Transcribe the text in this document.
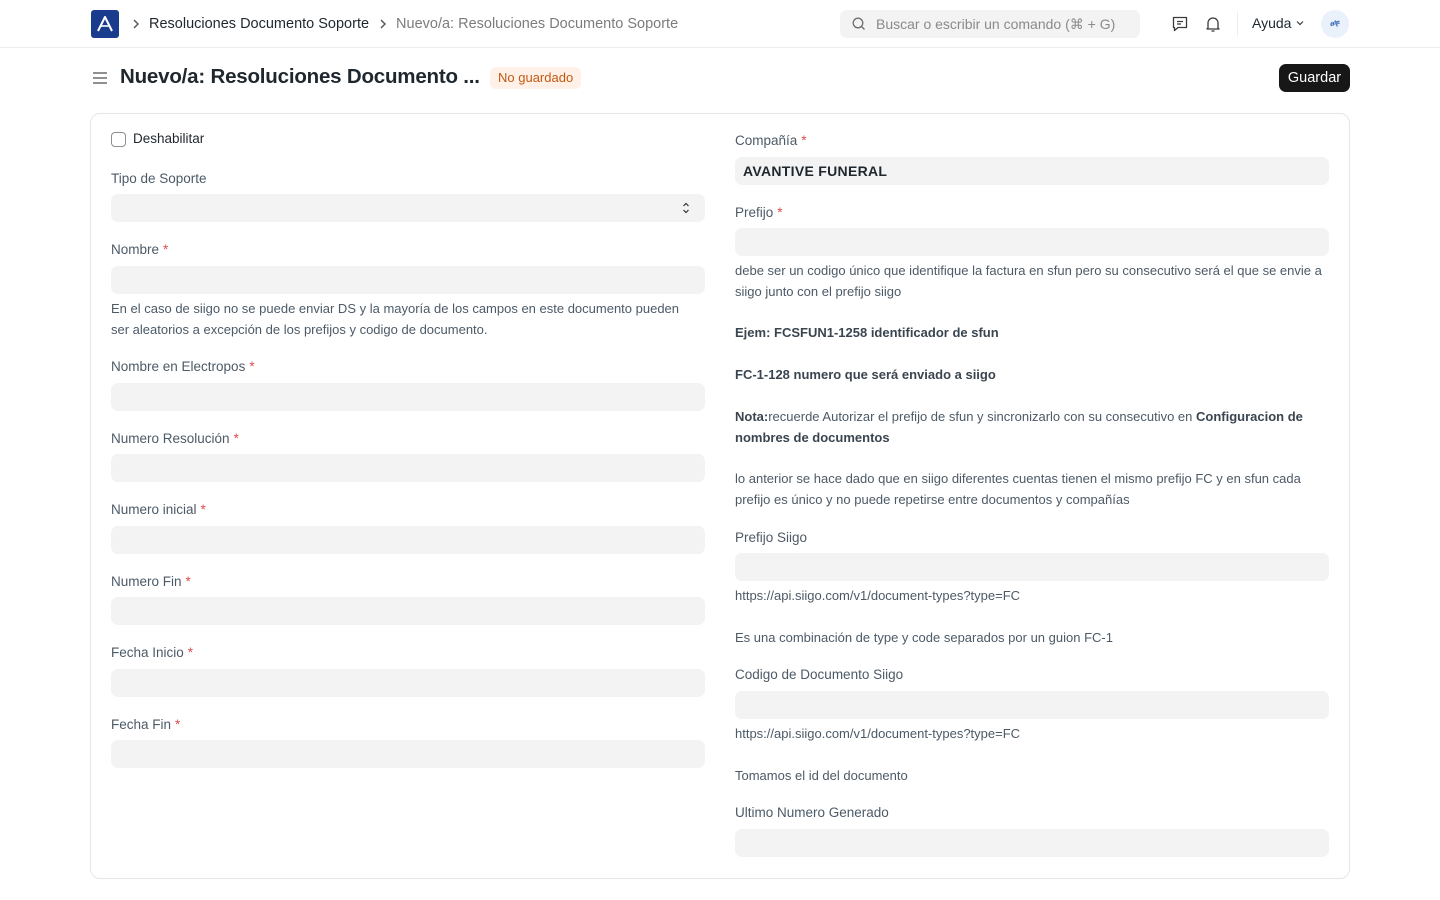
Resoluciones Documento Soporte Nuevo/a: Resoluciones Documento Soporte
Buscar o escribir un comando (⌘ + G)	Ayuda	ፀቸ
Nuevo/a: Resoluciones Documento ...	No guardado	Guardar
Deshabilitar
Tipo de Soporte
Nombre *
En el caso de siigo no se puede enviar DS y la mayoría de los campos en este documento pueden ser aleatorios a excepción de los prefijos y codigo de documento.
Nombre en Electropos *
Numero Resolución *
Numero inicial *
Numero Fin *
Fecha Inicio *
Fecha Fin *
Compañía *
AVANTIVE FUNERAL
Prefijo *
debe ser un codigo único que identifique la factura en sfun pero su consecutivo será el que se envie a siigo junto con el prefijo siigo
Ejem: FCSFUN1-1258 identificador de sfun
FC-1-128 numero que será enviado a siigo
Nota:recuerde Autorizar el prefijo de sfun y sincronizarlo con su consecutivo en Configuracion de nombres de documentos
lo anterior se hace dado que en siigo diferentes cuentas tienen el mismo prefijo FC y en sfun cada prefijo es único y no puede repetirse entre documentos y compañías
Prefijo Siigo
https://api.siigo.com/v1/document-types?type=FC
Es una combinación de type y code separados por un guion FC-1
Codigo de Documento Siigo
https://api.siigo.com/v1/document-types?type=FC
Tomamos el id del documento
Ultimo Numero Generado
